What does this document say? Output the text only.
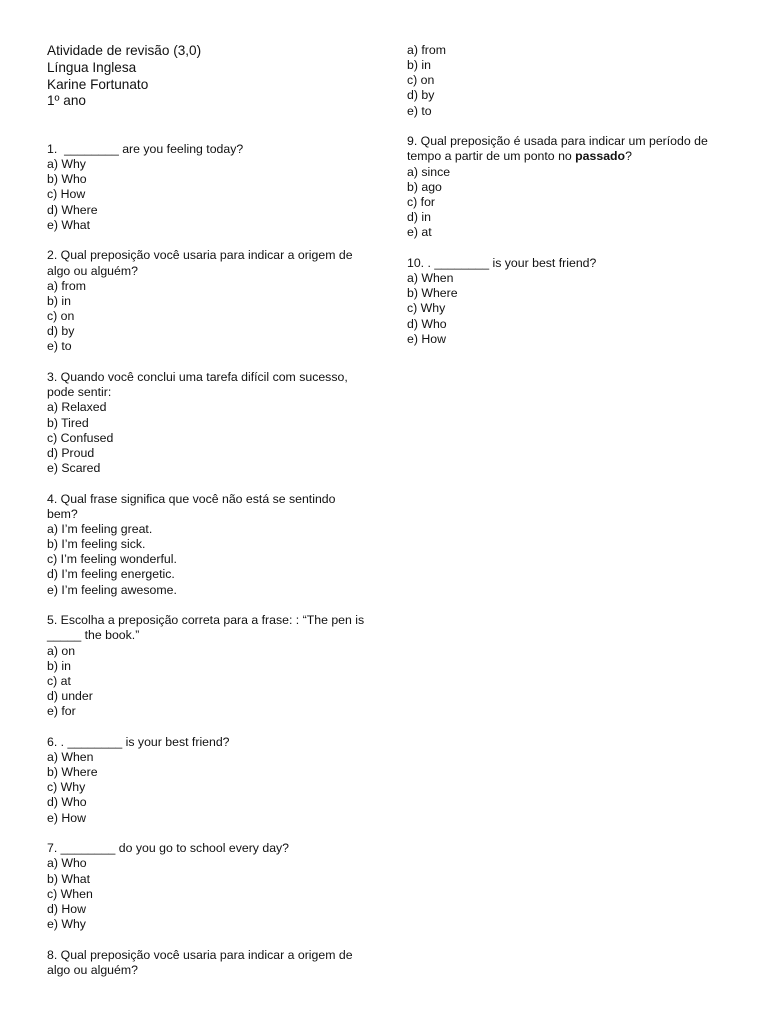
Atividade de revisão (3,0)
Língua Inglesa
Karine Fortunato
1º ano
1.  ________ are you feeling today?
a) Why
b) Who
c) How
d) Where
e) What
2. Qual preposição você usaria para indicar a origem de algo ou alguém?
a) from
b) in
c) on
d) by
e) to
3. Quando você conclui uma tarefa difícil com sucesso, pode sentir:
a) Relaxed
b) Tired
c) Confused
d) Proud
e) Scared
4. Qual frase significa que você não está se sentindo bem?
a) I’m feeling great.
b) I’m feeling sick.
c) I’m feeling wonderful.
d) I’m feeling energetic.
e) I’m feeling awesome.
5. Escolha a preposição correta para a frase: : “The pen is _____ the book.”
a) on
b) in
c) at
d) under
e) for
6. . ________ is your best friend?
a) When
b) Where
c) Why
d) Who
e) How
7. ________ do you go to school every day?
a) Who
b) What
c) When
d) How
e) Why
8. Qual preposição você usaria para indicar a origem de algo ou alguém?
a) from
b) in
c) on
d) by
e) to
9. Qual preposição é usada para indicar um período de tempo a partir de um ponto no passado?
a) since
b) ago
c) for
d) in
e) at
10. . ________ is your best friend?
a) When
b) Where
c) Why
d) Who
e) How
